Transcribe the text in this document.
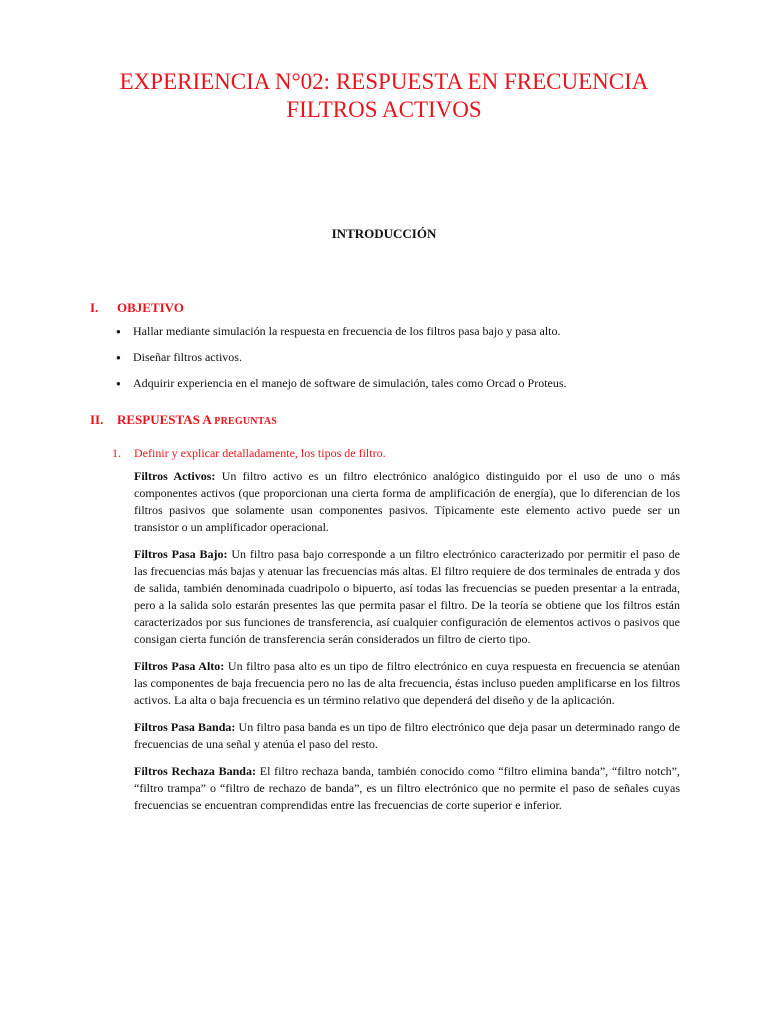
EXPERIENCIA N°02: RESPUESTA EN FRECUENCIA
FILTROS ACTIVOS
INTRODUCCIÓN
I. OBJETIVO
● Hallar mediante simulación la respuesta en frecuencia de los filtros pasa bajo y pasa alto.
● Diseñar filtros activos.
● Adquirir experiencia en el manejo de software de simulación, tales como Orcad o Proteus.
II. RESPUESTAS A PREGUNTAS
1. Definir y explicar detalladamente, los tipos de filtro.

Filtros Activos: Un filtro activo es un filtro electrónico analógico distinguido por el uso de uno o más componentes activos (que proporcionan una cierta forma de amplificación de energía), que lo diferencian de los filtros pasivos que solamente usan componentes pasivos. Típicamente este elemento activo puede ser un transistor o un amplificador operacional.

Filtros Pasa Bajo: Un filtro pasa bajo corresponde a un filtro electrónico caracterizado por permitir el paso de las frecuencias más bajas y atenuar las frecuencias más altas. El filtro requiere de dos terminales de entrada y dos de salida, también denominada cuadripolo o bipuerto, así todas las frecuencias se pueden presentar a la entrada, pero a la salida solo estarán presentes las que permita pasar el filtro. De la teoría se obtiene que los filtros están caracterizados por sus funciones de transferencia, así cualquier configuración de elementos activos o pasivos que consigan cierta función de transferencia serán considerados un filtro de cierto tipo.

Filtros Pasa Alto: Un filtro pasa alto es un tipo de filtro electrónico en cuya respuesta en frecuencia se atenúan las componentes de baja frecuencia pero no las de alta frecuencia, éstas incluso pueden amplificarse en los filtros activos. La alta o baja frecuencia es un término relativo que dependerá del diseño y de la aplicación.

Filtros Pasa Banda: Un filtro pasa banda es un tipo de filtro electrónico que deja pasar un determinado rango de frecuencias de una señal y atenúa el paso del resto.

Filtros Rechaza Banda: El filtro rechaza banda, también conocido como “filtro elimina banda”, “filtro notch”, “filtro trampa” o “filtro de rechazo de banda”, es un filtro electrónico que no permite el paso de señales cuyas frecuencias se encuentran comprendidas entre las frecuencias de corte superior e inferior.
